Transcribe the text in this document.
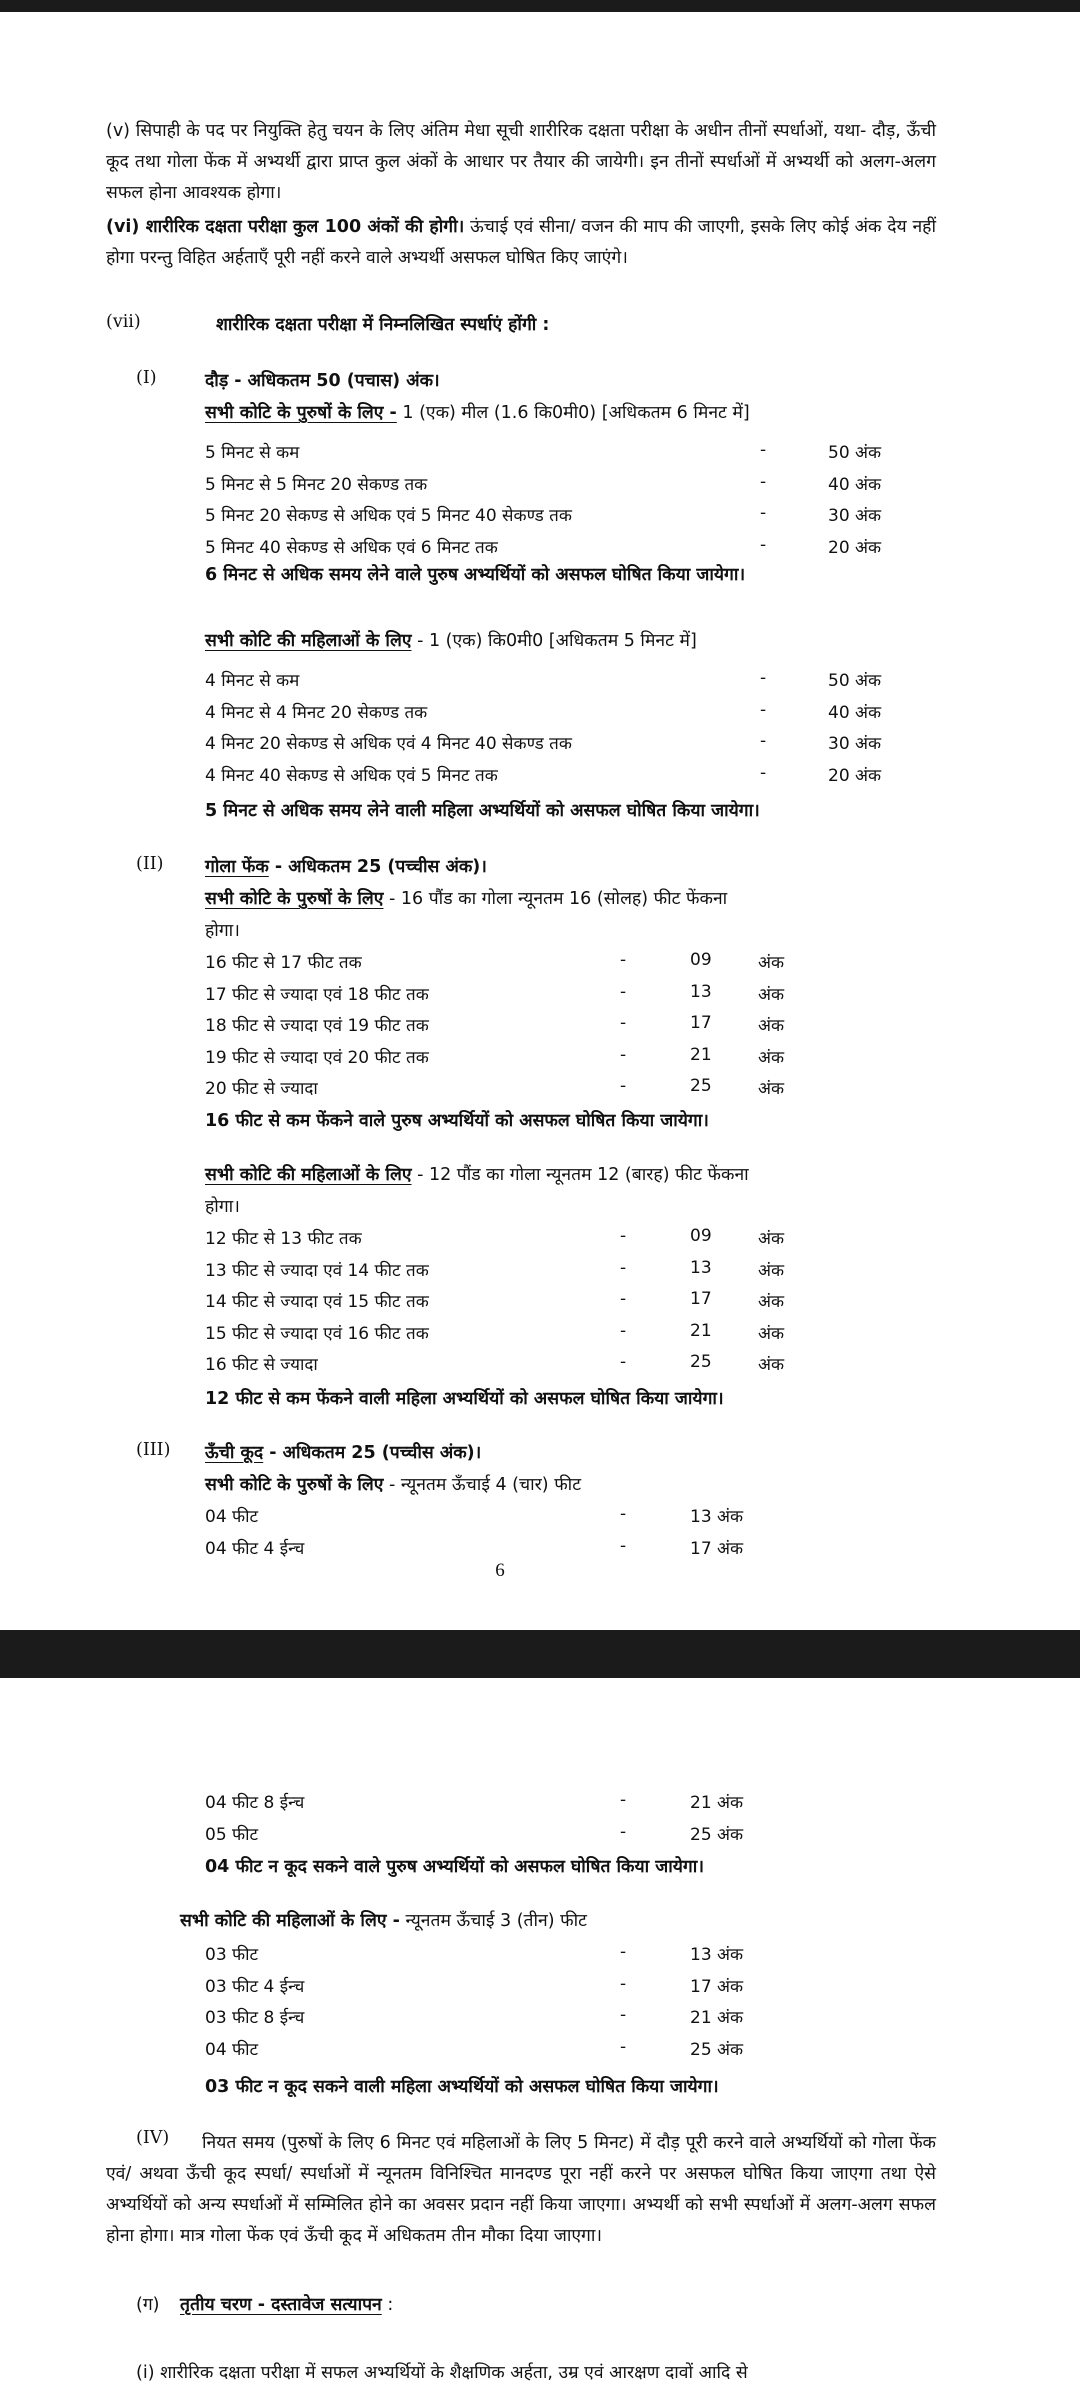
(v) सिपाही के पद पर नियुक्ति हेतु चयन के लिए अंतिम मेधा सूची शारीरिक दक्षता परीक्षा के अधीन तीनों स्पर्धाओं, यथा- दौड़, ऊँची कूद तथा गोला फेंक में अभ्यर्थी द्वारा प्राप्त कुल अंकों के आधार पर तैयार की जायेगी। इन तीनों स्पर्धाओं में अभ्यर्थी को अलग-अलग सफल होना आवश्यक होगा।

(vi) शारीरिक दक्षता परीक्षा कुल 100 अंकों की होगी। ऊंचाई एवं सीना/ वजन की माप की जाएगी, इसके लिए कोई अंक देय नहीं होगा परन्तु विहित अर्हताएँ पूरी नहीं करने वाले अभ्यर्थी असफल घोषित किए जाएंगे।

(vii)	शारीरिक दक्षता परीक्षा में निम्नलिखित स्पर्धाएं होंगी :
(I)	दौड़ - अधिकतम 50 (पचास) अंक।
सभी कोटि के पुरुषों के लिए - 1 (एक) मील (1.6 कि0मी0) [अधिकतम 6 मिनट में]
5 मिनट से कम	-	50 अंक
5 मिनट से 5 मिनट 20 सेकण्ड तक	-	40 अंक
5 मिनट 20 सेकण्ड से अधिक एवं 5 मिनट 40 सेकण्ड तक	-	30 अंक
5 मिनट 40 सेकण्ड से अधिक एवं 6 मिनट तक	-	20 अंक
6 मिनट से अधिक समय लेने वाले पुरुष अभ्यर्थियों को असफल घोषित किया जायेगा।
सभी कोटि की महिलाओं के लिए - 1 (एक) कि0मी0 [अधिकतम 5 मिनट में]
4 मिनट से कम	-	50 अंक
4 मिनट से 4 मिनट 20 सेकण्ड तक	-	40 अंक
4 मिनट 20 सेकण्ड से अधिक एवं 4 मिनट 40 सेकण्ड तक	-	30 अंक
4 मिनट 40 सेकण्ड से अधिक एवं 5 मिनट तक	-	20 अंक
5 मिनट से अधिक समय लेने वाली महिला अभ्यर्थियों को असफल घोषित किया जायेगा।
(II) गोला फेंक - अधिकतम 25 (पच्चीस अंक)।
सभी कोटि के पुरुषों के लिए - 16 पौंड का गोला न्यूनतम 16 (सोलह) फीट फेंकना
होगा।
16 फीट से 17 फीट तक	-	09	अंक
17 फीट से ज्यादा एवं 18 फीट तक	-	13	अंक
18 फीट से ज्यादा एवं 19 फीट तक	-	17	अंक
19 फीट से ज्यादा एवं 20 फीट तक	-	21	अंक
20 फीट से ज्यादा	-	25	अंक
16 फीट से कम फेंकने वाले पुरुष अभ्यर्थियों को असफल घोषित किया जायेगा।
सभी कोटि की महिलाओं के लिए - 12 पौंड का गोला न्यूनतम 12 (बारह) फीट फेंकना
होगा।
12 फीट से 13 फीट तक	-	09	अंक
13 फीट से ज्यादा एवं 14 फीट तक	-	13	अंक
14 फीट से ज्यादा एवं 15 फीट तक	-	17	अंक
15 फीट से ज्यादा एवं 16 फीट तक	-	21	अंक
16 फीट से ज्यादा	-	25	अंक
12 फीट से कम फेंकने वाली महिला अभ्यर्थियों को असफल घोषित किया जायेगा।
(III) ऊँची कूद - अधिकतम 25 (पच्चीस अंक)।
सभी कोटि के पुरुषों के लिए - न्यूनतम ऊँचाई 4 (चार) फीट
04 फीट	-	13 अंक
04 फीट 4 ईन्च	-	17 अंक
6
04 फीट 8 ईन्च	-	21 अंक
05 फीट	-	25 अंक
04 फीट न कूद सकने वाले पुरुष अभ्यर्थियों को असफल घोषित किया जायेगा।
सभी कोटि की महिलाओं के लिए - न्यूनतम ऊँचाई 3 (तीन) फीट
03 फीट	-	13 अंक
03 फीट 4 ईन्च	-	17 अंक
03 फीट 8 ईन्च	-	21 अंक
04 फीट	-	25 अंक
03 फीट न कूद सकने वाली महिला अभ्यर्थियों को असफल घोषित किया जायेगा।
(IV)	नियत समय (पुरुषों के लिए 6 मिनट एवं महिलाओं के लिए 5 मिनट) में दौड़ पूरी करने वाले अभ्यर्थियों को गोला फेंक एवं/ अथवा ऊँची कूद स्पर्धा/ स्पर्धाओं में न्यूनतम विनिश्चित मानदण्ड पूरा नहीं करने पर असफल घोषित किया जाएगा तथा ऐसे अभ्यर्थियों को अन्य स्पर्धाओं में सम्मिलित होने का अवसर प्रदान नहीं किया जाएगा। अभ्यर्थी को सभी स्पर्धाओं में अलग-अलग सफल होना होगा। मात्र गोला फेंक एवं ऊँची कूद में अधिकतम तीन मौका दिया जाएगा।

(ग) तृतीय चरण - दस्तावेज सत्यापन :
(i) शारीरिक दक्षता परीक्षा में सफल अभ्यर्थियों के शैक्षणिक अर्हता, उम्र एवं आरक्षण दावों आदि से
